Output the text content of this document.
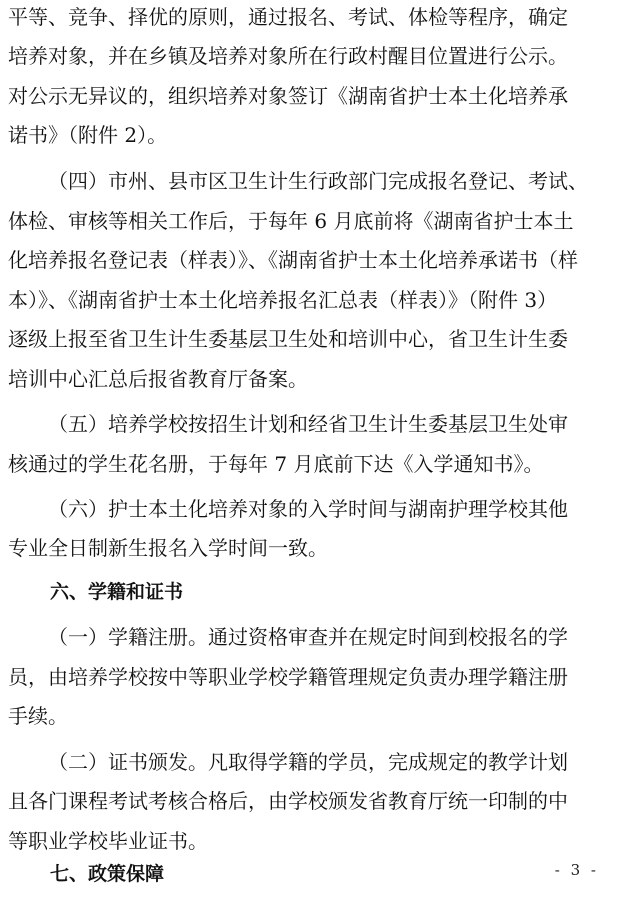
平等、竞争、择优的原则，通过报名、考试、体检等程序，确定
培养对象，并在乡镇及培养对象所在行政村醒目位置进行公示。
对公示无异议的，组织培养对象签订《湖南省护士本土化培养承
诺书》（附件 2）。
（四）市州、县市区卫生计生行政部门完成报名登记、考试、
体检、审核等相关工作后，于每年 6 月底前将《湖南省护士本土
化培养报名登记表（样表）》、《湖南省护士本土化培养承诺书（样
本）》、《湖南省护士本土化培养报名汇总表（样表）》（附件 3）
逐级上报至省卫生计生委基层卫生处和培训中心，省卫生计生委
培训中心汇总后报省教育厅备案。
（五）培养学校按招生计划和经省卫生计生委基层卫生处审
核通过的学生花名册，于每年 7 月底前下达《入学通知书》。
（六）护士本土化培养对象的入学时间与湖南护理学校其他
专业全日制新生报名入学时间一致。
六、学籍和证书
（一）学籍注册。通过资格审查并在规定时间到校报名的学
员，由培养学校按中等职业学校学籍管理规定负责办理学籍注册
手续。
（二）证书颁发。凡取得学籍的学员，完成规定的教学计划
且各门课程考试考核合格后，由学校颁发省教育厅统一印制的中
等职业学校毕业证书。
七、政策保障	- 3 -
